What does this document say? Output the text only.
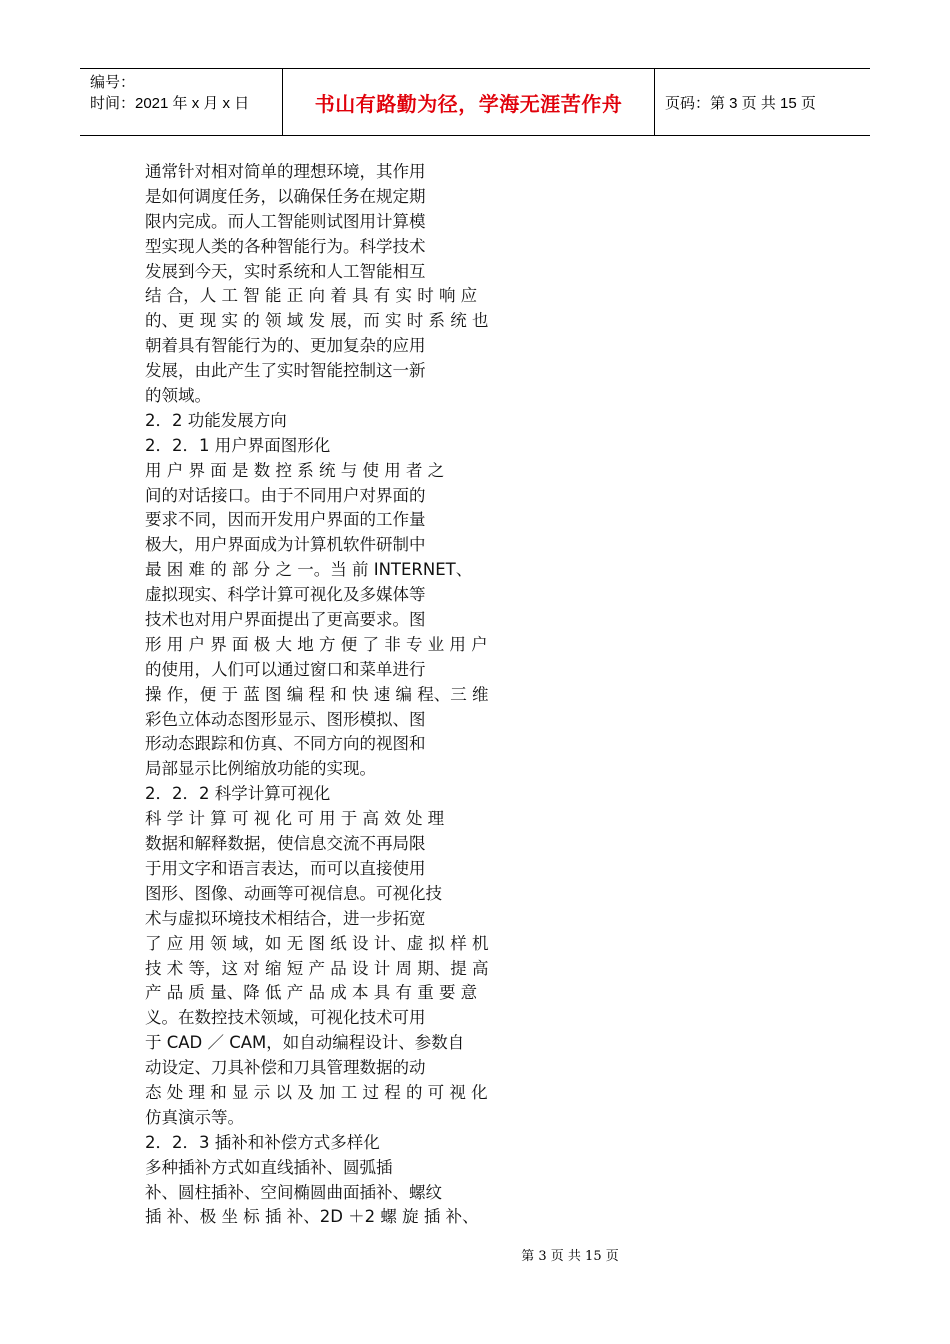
编号：
时间：2021 年 x 月 x 日	书山有路勤为径，学海无涯苦作舟	页码：第 3 页 共 15 页
通常针对相对简单的理想环境，其作用
是如何调度任务，以确保任务在规定期
限内完成。而人工智能则试图用计算模
型实现人类的各种智能行为。科学技术
发展到今天，实时系统和人工智能相互
结 合，人 工 智 能 正 向 着 具 有 实 时 响 应
的、更 现 实 的 领 域 发 展，而 实 时 系 统 也
朝着具有智能行为的、更加复杂的应用
发展，由此产生了实时智能控制这一新
的领域。
2．2 功能发展方向
2．2．1 用户界面图形化
用 户 界 面 是 数 控 系 统 与 使 用 者 之
间的对话接口。由于不同用户对界面的
要求不同，因而开发用户界面的工作量
极大，用户界面成为计算机软件研制中
最 困 难 的 部 分 之 一。当 前 INTERNET、
虚拟现实、科学计算可视化及多媒体等
技术也对用户界面提出了更高要求。图
形 用 户 界 面 极 大 地 方 便 了 非 专 业 用 户
的使用，人们可以通过窗口和菜单进行
操 作，便 于 蓝 图 编 程 和 快 速 编 程、三 维
彩色立体动态图形显示、图形模拟、图
形动态跟踪和仿真、不同方向的视图和
局部显示比例缩放功能的实现。
2．2．2 科学计算可视化
科 学 计 算 可 视 化 可 用 于 高 效 处 理
数据和解释数据，使信息交流不再局限
于用文字和语言表达，而可以直接使用
图形、图像、动画等可视信息。可视化技
术与虚拟环境技术相结合，进一步拓宽
了 应 用 领 域，如 无 图 纸 设 计、虚 拟 样 机
技 术 等，这 对 缩 短 产 品 设 计 周 期、提 高
产 品 质 量、降 低 产 品 成 本 具 有 重 要 意
义。在数控技术领域，可视化技术可用
于 CAD ／ CAM，如自动编程设计、参数自
动设定、刀具补偿和刀具管理数据的动
态 处 理 和 显 示 以 及 加 工 过 程 的 可 视 化
仿真演示等。
2．2．3 插补和补偿方式多样化
多种插补方式如直线插补、圆弧插
补、圆柱插补、空间椭圆曲面插补、螺纹
插 补、极 坐 标 插 补、2D ＋2 螺 旋 插 补、
第 3 页 共 15 页
